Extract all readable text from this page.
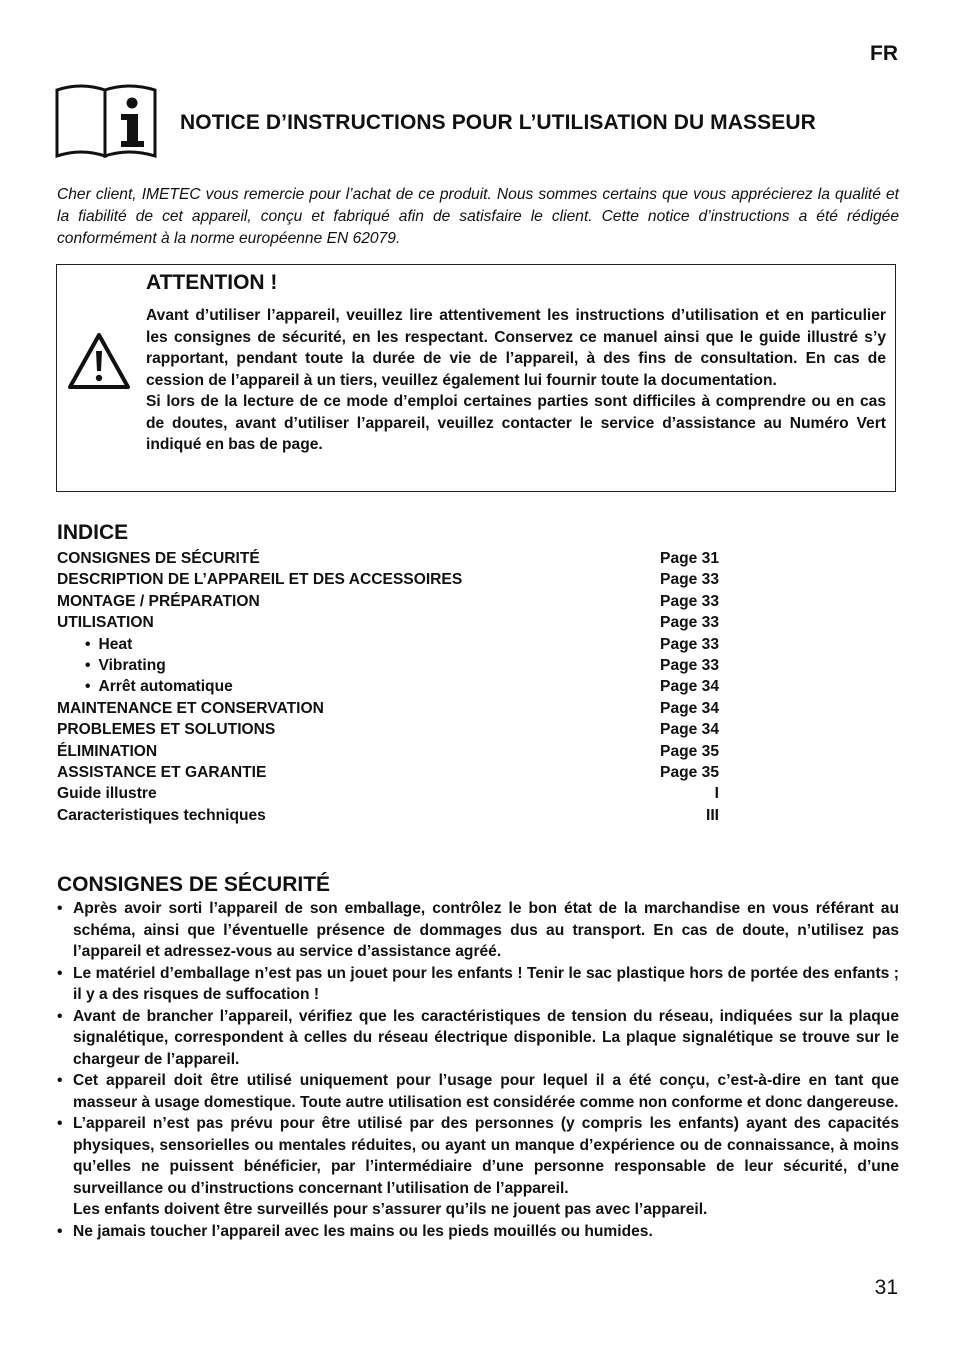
FR
NOTICE D’INSTRUCTIONS POUR L’UTILISATION DU MASSEUR

Cher client, IMETEC vous remercie pour l’achat de ce produit. Nous sommes certains que vous apprécierez la qualité et la fiabilité de cet appareil, conçu et fabriqué afin de satisfaire le client. Cette notice d’instructions a été rédigée conformément à la norme européenne EN 62079.

ATTENTION !

Avant d’utiliser l’appareil, veuillez lire attentivement les instructions d’utilisation et en particulier les consignes de sécurité, en les respectant. Conservez ce manuel ainsi que le guide illustré s’y rapportant, pendant toute la durée de vie de l’appareil, à des fins de consultation. En cas de cession de l’appareil à un tiers, veuillez également lui fournir toute la documentation.

Si lors de la lecture de ce mode d’emploi certaines parties sont difficiles à comprendre ou en cas de doutes, avant d’utiliser l’appareil, veuillez contacter le service d’assistance au Numéro Vert indiqué en bas de page.

INDICE
CONSIGNES DE SÉCURITÉ	Page 31
DESCRIPTION DE L’APPAREIL ET DES ACCESSOIRES	Page 33
MONTAGE / PRÉPARATION	Page 33
UTILISATION	Page 33
• Heat	Page 33
• Vibrating	Page 33
• Arrêt automatique	Page 34
MAINTENANCE ET CONSERVATION	Page 34
PROBLEMES ET SOLUTIONS	Page 34
ÉLIMINATION	Page 35
ASSISTANCE ET GARANTIE	Page 35
Guide illustre	I
Caracteristiques techniques	III
CONSIGNES DE SÉCURITÉ

• Après avoir sorti l’appareil de son emballage, contrôlez le bon état de la marchandise en vous référant au schéma, ainsi que l’éventuelle présence de dommages dus au transport. En cas de doute, n’utilisez pas l’appareil et adressez-vous au service d’assistance agréé.

• Le matériel d’emballage n’est pas un jouet pour les enfants ! Tenir le sac plastique hors de portée des enfants ; il y a des risques de suffocation !

• Avant de brancher l’appareil, vérifiez que les caractéristiques de tension du réseau, indiquées sur la plaque signalétique, correspondent à celles du réseau électrique disponible. La plaque signalétique se trouve sur le chargeur de l’appareil.

• Cet appareil doit être utilisé uniquement pour l’usage pour lequel il a été conçu, c’est-à-dire en tant que masseur à usage domestique. Toute autre utilisation est considérée comme non conforme et donc dangereuse.

• L’appareil n’est pas prévu pour être utilisé par des personnes (y compris les enfants) ayant des capacités physiques, sensorielles ou mentales réduites, ou ayant un manque d’expérience ou de connaissance, à moins qu’elles ne puissent bénéficier, par l’intermédiaire d’une personne responsable de leur sécurité, d’une surveillance ou d’instructions concernant l’utilisation de l’appareil.

Les enfants doivent être surveillés pour s’assurer qu’ils ne jouent pas avec l’appareil.

• Ne jamais toucher l’appareil avec les mains ou les pieds mouillés ou humides.

31
